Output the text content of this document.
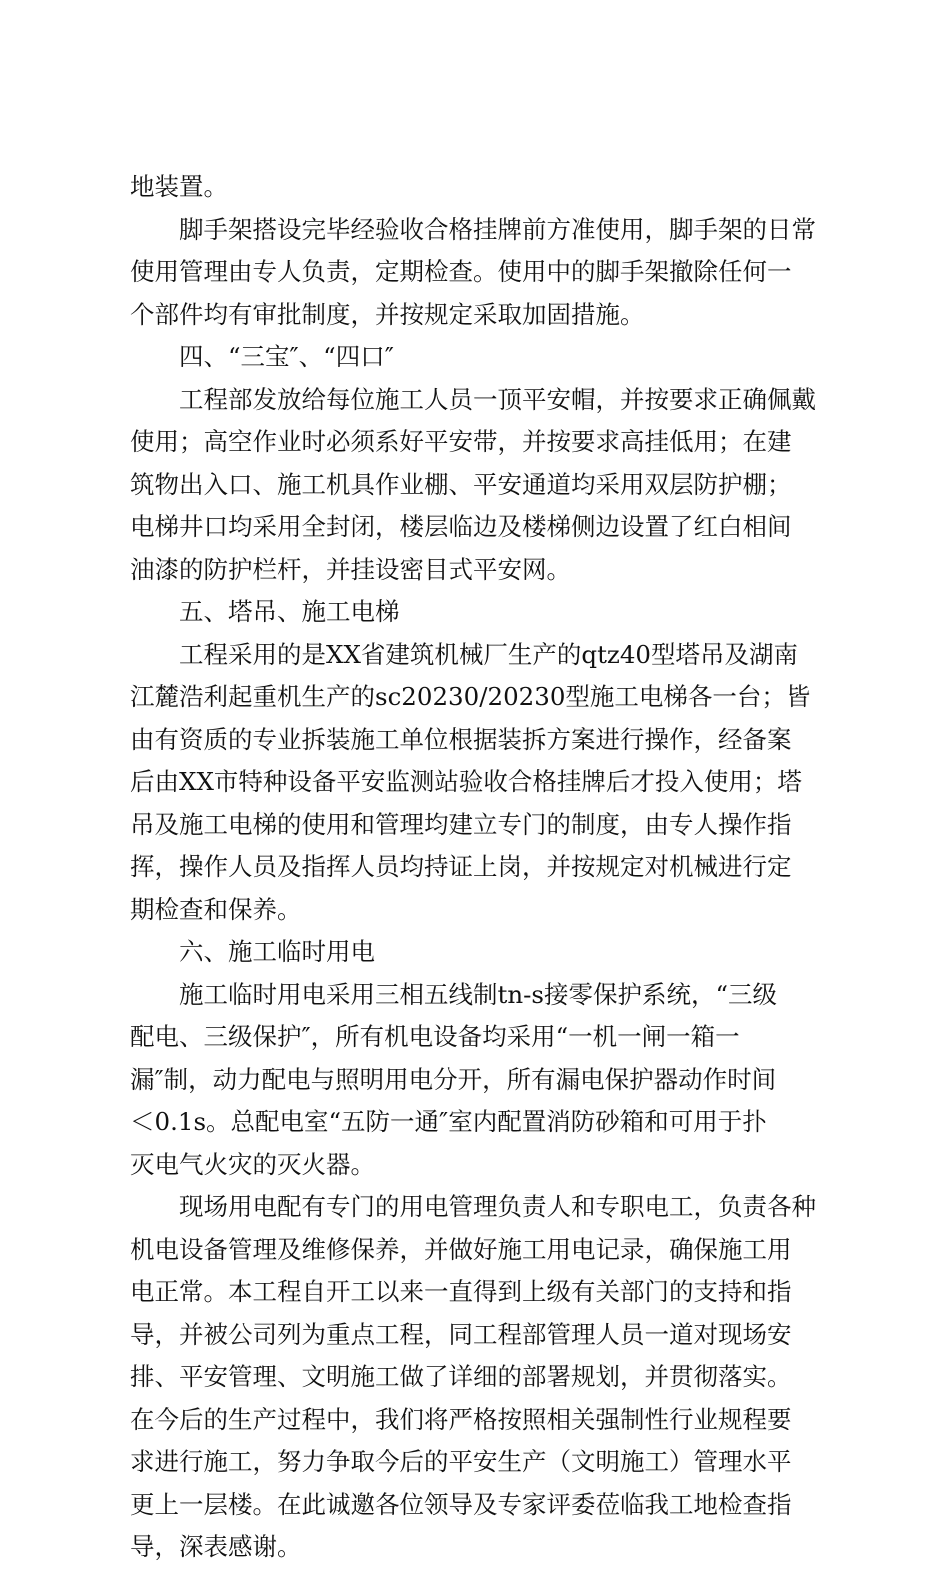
地装置。
脚手架搭设完毕经验收合格挂牌前方准使用，脚手架的日常
使用管理由专人负责，定期检查。使用中的脚手架撤除任何一
个部件均有审批制度，并按规定采取加固措施。
四、“三宝″、“四口″
工程部发放给每位施工人员一顶平安帽，并按要求正确佩戴
使用；高空作业时必须系好平安带，并按要求高挂低用；在建
筑物出入口、施工机具作业棚、平安通道均采用双层防护棚；
电梯井口均采用全封闭，楼层临边及楼梯侧边设置了红白相间
油漆的防护栏杆，并挂设密目式平安网。
五、塔吊、施工电梯
工程采用的是XX省建筑机械厂生产的qtz40型塔吊及湖南
江麓浩利起重机生产的sc20230/20230型施工电梯各一台；皆
由有资质的专业拆装施工单位根据装拆方案进行操作，经备案
后由XX市特种设备平安监测站验收合格挂牌后才投入使用；塔
吊及施工电梯的使用和管理均建立专门的制度，由专人操作指
挥，操作人员及指挥人员均持证上岗，并按规定对机械进行定
期检查和保养。
六、施工临时用电
施工临时用电采用三相五线制tn-s接零保护系统，“三级
配电、三级保护″，所有机电设备均采用“一机一闸一箱一
漏″制，动力配电与照明用电分开，所有漏电保护器动作时间
＜0.1s。总配电室“五防一通″室内配置消防砂箱和可用于扑
灭电气火灾的灭火器。
现场用电配有专门的用电管理负责人和专职电工，负责各种
机电设备管理及维修保养，并做好施工用电记录，确保施工用
电正常。本工程自开工以来一直得到上级有关部门的支持和指
导，并被公司列为重点工程，同工程部管理人员一道对现场安
排、平安管理、文明施工做了详细的部署规划，并贯彻落实。
在今后的生产过程中，我们将严格按照相关强制性行业规程要
求进行施工，努力争取今后的平安生产（文明施工）管理水平
更上一层楼。在此诚邀各位领导及专家评委莅临我工地检查指
导，深表感谢。
